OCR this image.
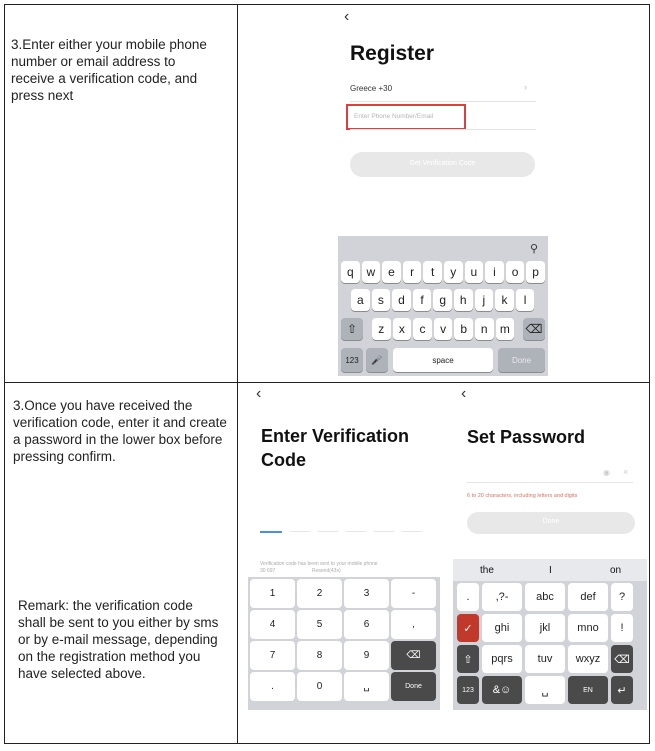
3.Enter either your mobile phone number or email address to receive a verification code, and press next
3.Once you have received the verification code, enter it and create a password in the lower box before pressing confirm.
Remark: the verification code shall be sent to you either by sms or by e-mail message, depending on the registration method you have selected above.
‹
Register
Greece +30	›
Enter Phone Number/Email
Get Verification Code
⚲
q	w	e	r	t	y	u	i	o	p
a	s	d	f	g	h	j	k	l
⇧	z	x	c	v	b	n	m	⌫
123	🎤	space	Done
‹
Enter Verification
Code
Verification code has been sent to your mobile phone
30 697	Resend(43s)
1	2	3	-
4	5	6	,
7	8	9	⌫
.	0	␣	Done
‹
Set Password
◉ ×
6 to 20 characters, including letters and digits
Done
the	I	on
.	,?-	abc	def	?
✓	ghi	jkl	mno	!
⇧	pqrs	tuv	wxyz	⌫
123	&☺	␣	EN	↵
